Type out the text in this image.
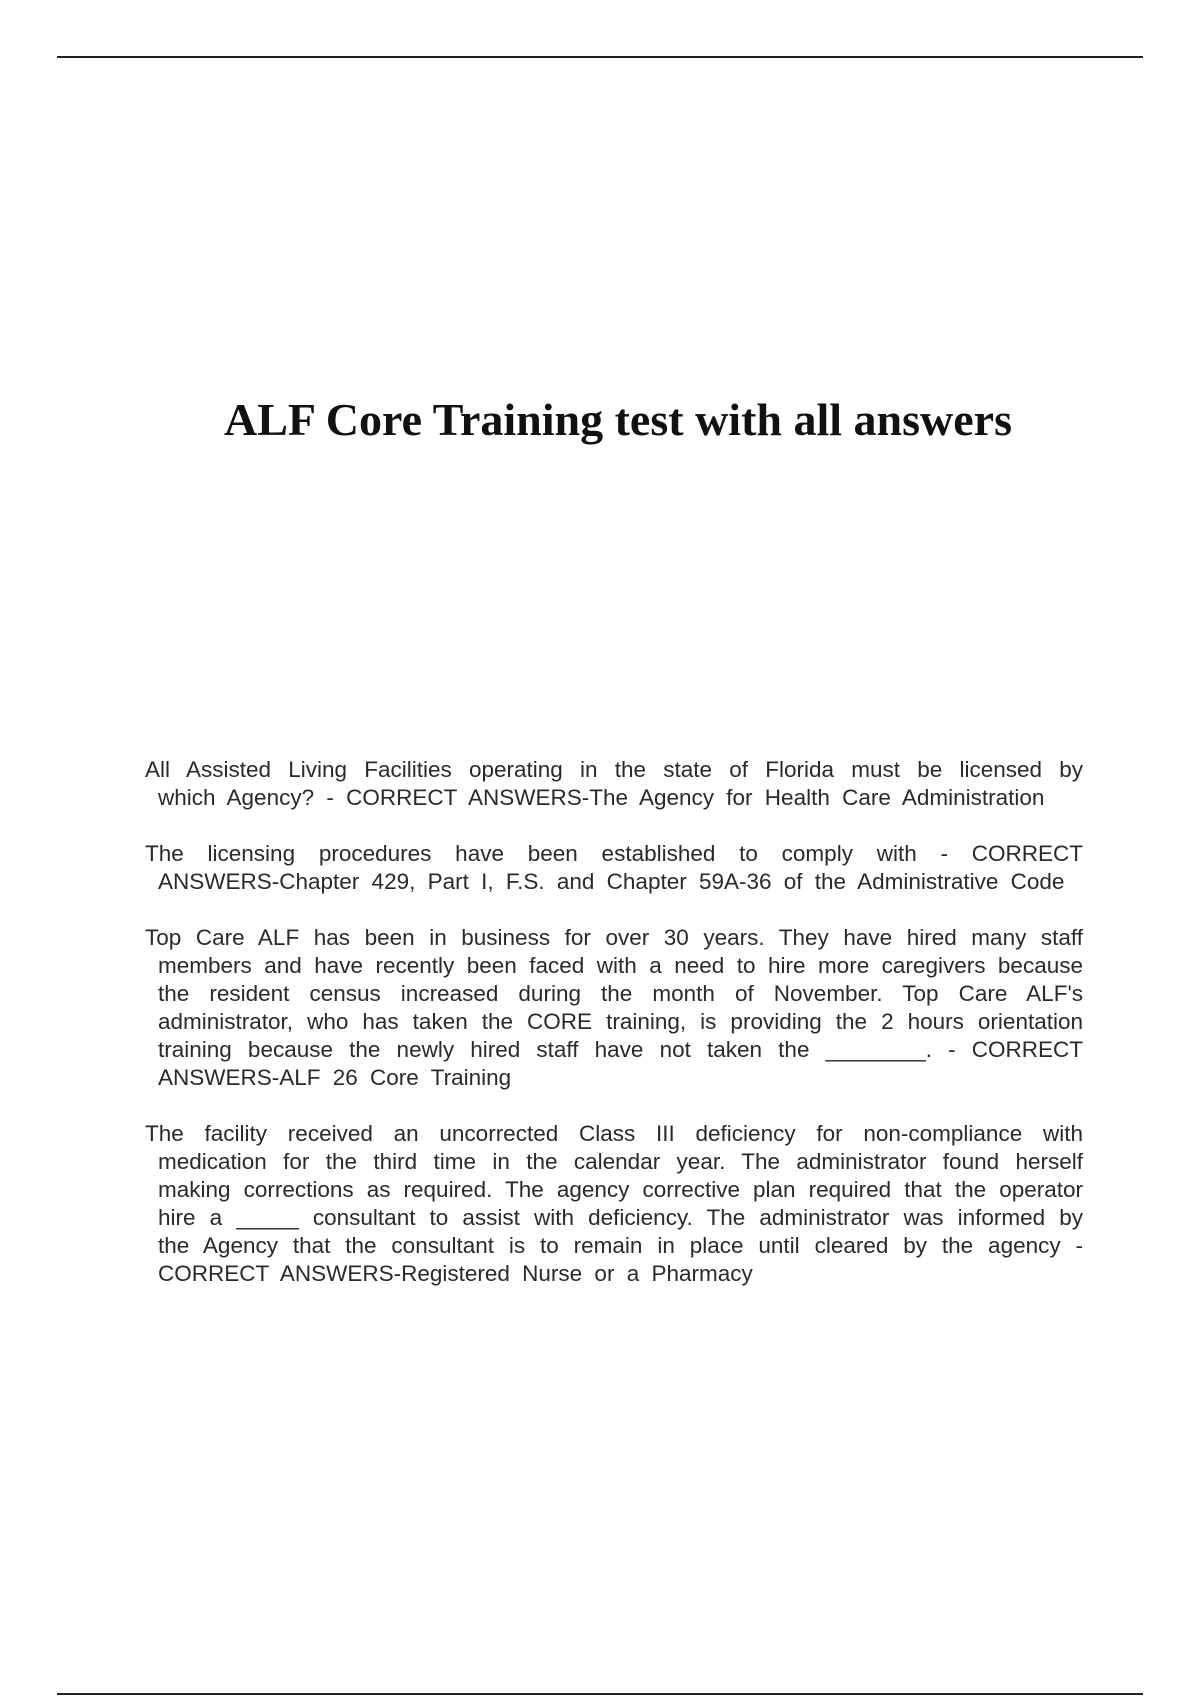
ALF Core Training test with all answers

All Assisted Living Facilities operating in the state of Florida must be licensed by which Agency? - CORRECT ANSWERS-The Agency for Health Care Administration

The licensing procedures have been established to comply with - CORRECT ANSWERS-Chapter 429, Part I, F.S. and Chapter 59A-36 of the Administrative Code

Top Care ALF has been in business for over 30 years. They have hired many staff members and have recently been faced with a need to hire more caregivers because the resident census increased during the month of November. Top Care ALF's administrator, who has taken the CORE training, is providing the 2 hours orientation training because the newly hired staff have not taken the ________. - CORRECT ANSWERS-ALF 26 Core Training

The facility received an uncorrected Class III deficiency for non-compliance with medication for the third time in the calendar year. The administrator found herself making corrections as required. The agency corrective plan required that the operator hire a _____ consultant to assist with deficiency. The administrator was informed by the Agency that the consultant is to remain in place until cleared by the agency - CORRECT ANSWERS-Registered Nurse or a Pharmacy
